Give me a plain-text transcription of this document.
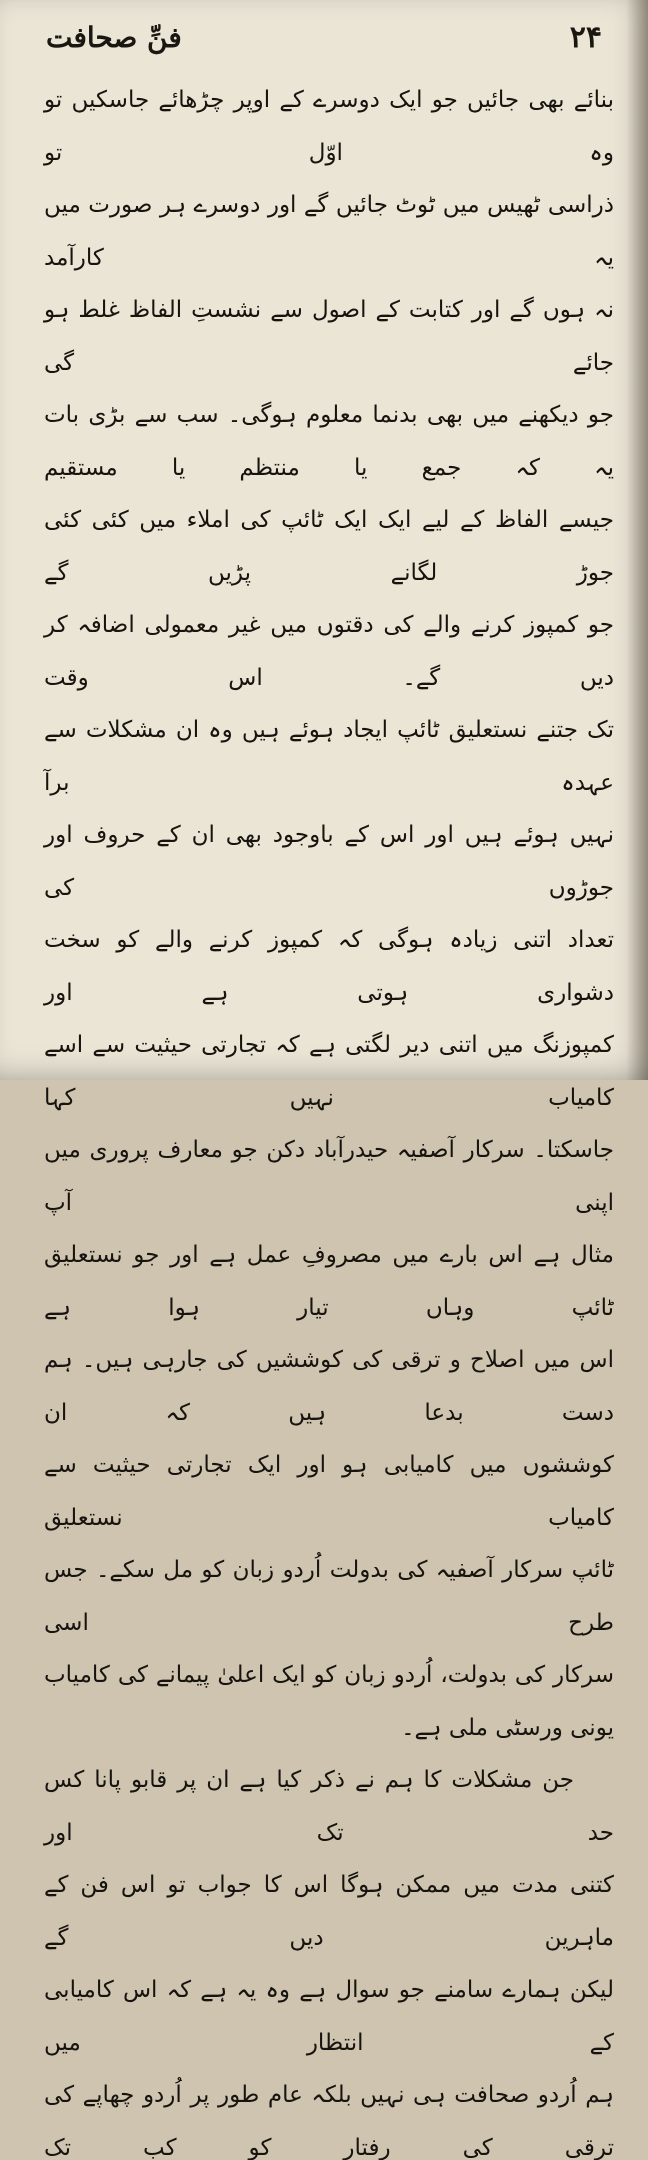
۲۴
فنِّ صحافت

بنائے بھی جائیں جو ایک دوسرے کے اوپر چڑھائے جاسکیں تو وہ اوّل تو

ذراسی ٹھیس میں ٹوٹ جائیں گے اور دوسرے ہر صورت میں یہ کارآمد

نہ ہوں گے اور کتابت کے اصول سے نشستِ الفاظ غلط ہو جائے گی

جو دیکھنے میں بھی بدنما معلوم ہوگی۔ سب سے بڑی بات یہ کہ جمع یا منتظم یا مستقیم

جیسے الفاظ کے لیے ایک ایک ٹائپ کی املاء میں کئی کئی جوڑ لگانے پڑیں گے

جو کمپوز کرنے والے کی دقتوں میں غیر معمولی اضافہ کر دیں گے۔ اس وقت

تک جتنے نستعلیق ٹائپ ایجاد ہوئے ہیں وہ ان مشکلات سے عہدہ برآ

نہیں ہوئے ہیں اور اس کے باوجود بھی ان کے حروف اور جوڑوں کی

تعداد اتنی زیادہ ہوگی کہ کمپوز کرنے والے کو سخت دشواری ہوتی ہے اور

کمپوزنگ میں اتنی دیر لگتی ہے کہ تجارتی حیثیت سے اسے کامیاب نہیں کہا

جاسکتا۔ سرکار آصفیہ حیدرآباد دکن جو معارف پروری میں اپنی آپ

مثال ہے اس بارے میں مصروفِ عمل ہے اور جو نستعلیق ٹائپ وہاں تیار ہوا ہے

اس میں اصلاح و ترقی کی کوششیں کی جارہی ہیں۔ ہم دست بدعا ہیں کہ ان

کوششوں میں کامیابی ہو اور ایک تجارتی حیثیت سے کامیاب نستعلیق

ٹائپ سرکار آصفیہ کی بدولت اُردو زبان کو مل سکے۔ جس طرح اسی

سرکار کی بدولت، اُردو زبان کو ایک اعلیٰ پیمانے کی کامیاب

یونی ورسٹی ملی ہے۔

جن مشکلات کا ہم نے ذکر کیا ہے ان پر قابو پانا کس حد تک اور

کتنی مدت میں ممکن ہوگا اس کا جواب تو اس فن کے ماہرین دیں گے

لیکن ہمارے سامنے جو سوال ہے وہ یہ ہے کہ اس کامیابی کے انتظار میں

ہم اُردو صحافت ہی نہیں بلکہ عام طور پر اُردو چھاپے کی ترقی کی رفتار کو کب تک
